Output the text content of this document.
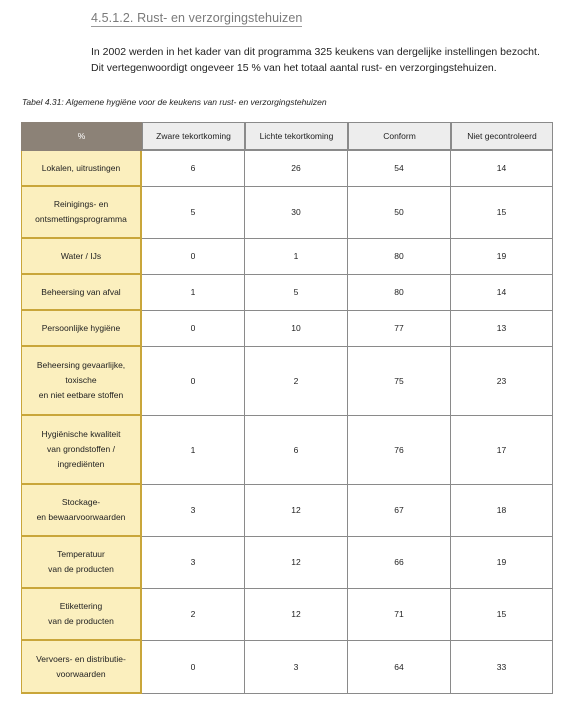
4.5.1.2. Rust- en verzorgingstehuizen

In 2002 werden in het kader van dit programma 325 keukens van dergelijke instellingen bezocht.

Dit vertegenwoordigt ongeveer 15 % van het totaal aantal rust- en verzorgingstehuizen.

Tabel 4.31: Algemene hygiëne voor de keukens van rust- en verzorgingstehuizen
%	Zware tekortkoming	Lichte tekortkoming	Conform	Niet gecontroleerd

Lokalen, uitrustingen	6	26	54	14

Reinigings- en
ontsmettingsprogramma	5	30	50	15

Water / IJs	0	1	80	19

Beheersing van afval	1	5	80	14

Persoonlijke hygiëne	0	10	77	13

Beheersing gevaarlijke,
toxische
en niet eetbare stoffen	0	2	75	23

Hygiënische kwaliteit
van grondstoffen /
ingrediënten	1	6	76	17

Stockage-
en bewaarvoorwaarden	3	12	67	18

Temperatuur
van de producten	3	12	66	19

Etikettering
van de producten	2	12	71	15

Vervoers- en distributie-
voorwaarden	0	3	64	33
